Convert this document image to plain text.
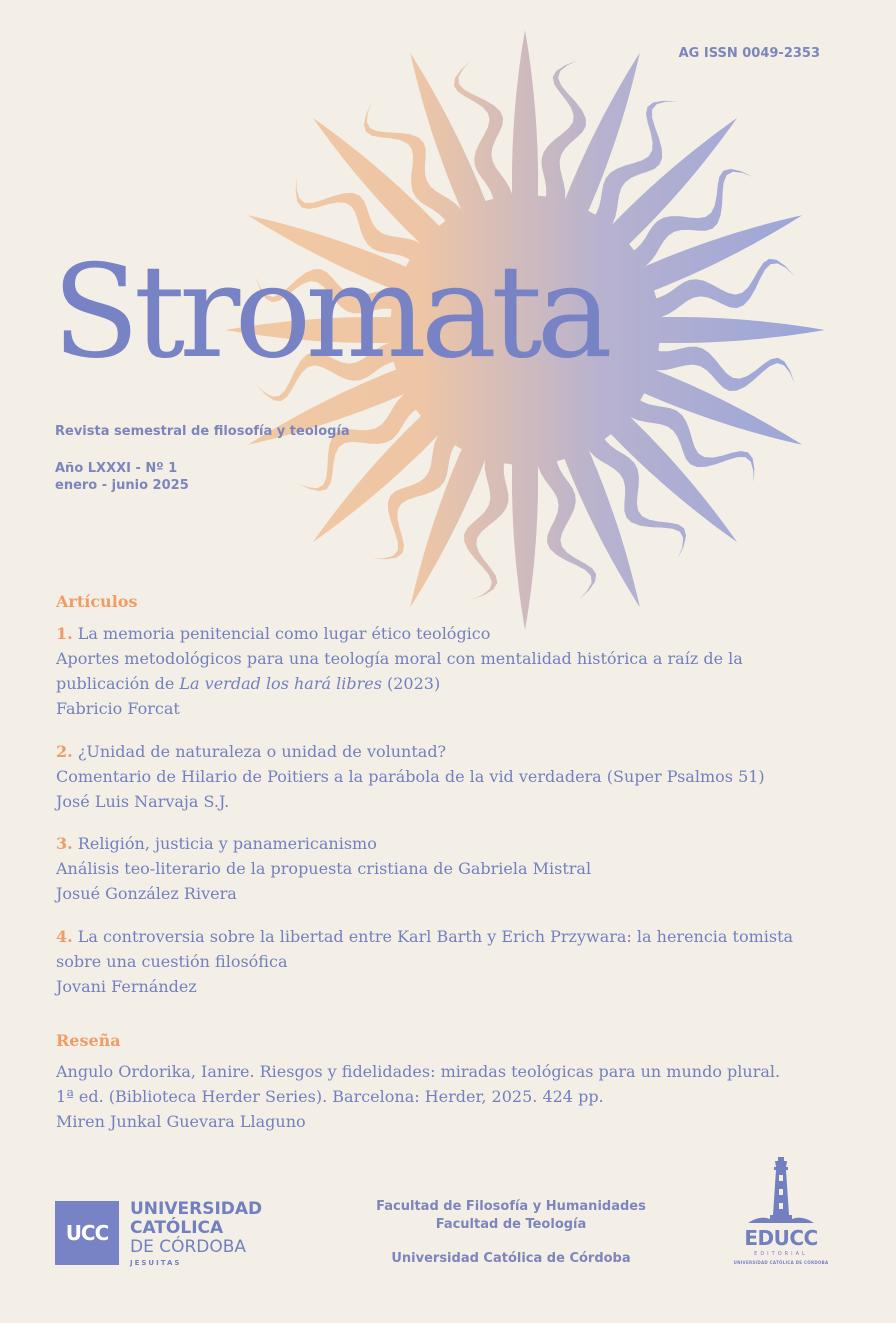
AG ISSN 0049-2353
Stromata
Revista semestral de filosofía y teología
Año LXXXI - Nº 1
enero - junio 2025
Artículos
1. La memoria penitencial como lugar ético teológico
Aportes metodológicos para una teología moral con mentalidad histórica a raíz de la publicación de La verdad los hará libres (2023)
Fabricio Forcat
2. ¿Unidad de naturaleza o unidad de voluntad?
Comentario de Hilario de Poitiers a la parábola de la vid verdadera (Super Psalmos 51)
José Luis Narvaja S.J.
3. Religión, justicia y panamericanismo
Análisis teo-literario de la propuesta cristiana de Gabriela Mistral
Josué González Rivera
4. La controversia sobre la libertad entre Karl Barth y Erich Przywara: la herencia tomista sobre una cuestión filosófica
Jovani Fernández
Reseña
Angulo Ordorika, Ianire. Riesgos y fidelidades: miradas teológicas para un mundo plural. 1ª ed. (Biblioteca Herder Series). Barcelona: Herder, 2025. 424 pp.
Miren Junkal Guevara Llaguno
UCC
UNIVERSIDAD
CATÓLICA
DE CÓRDOBA
JESUITAS
Facultad de Filosofía y Humanidades
Facultad de Teología
Universidad Católica de Córdoba
EDUCC
EDITORIAL
UNIVERSIDAD CATÓLICA DE CÓRDOBA
